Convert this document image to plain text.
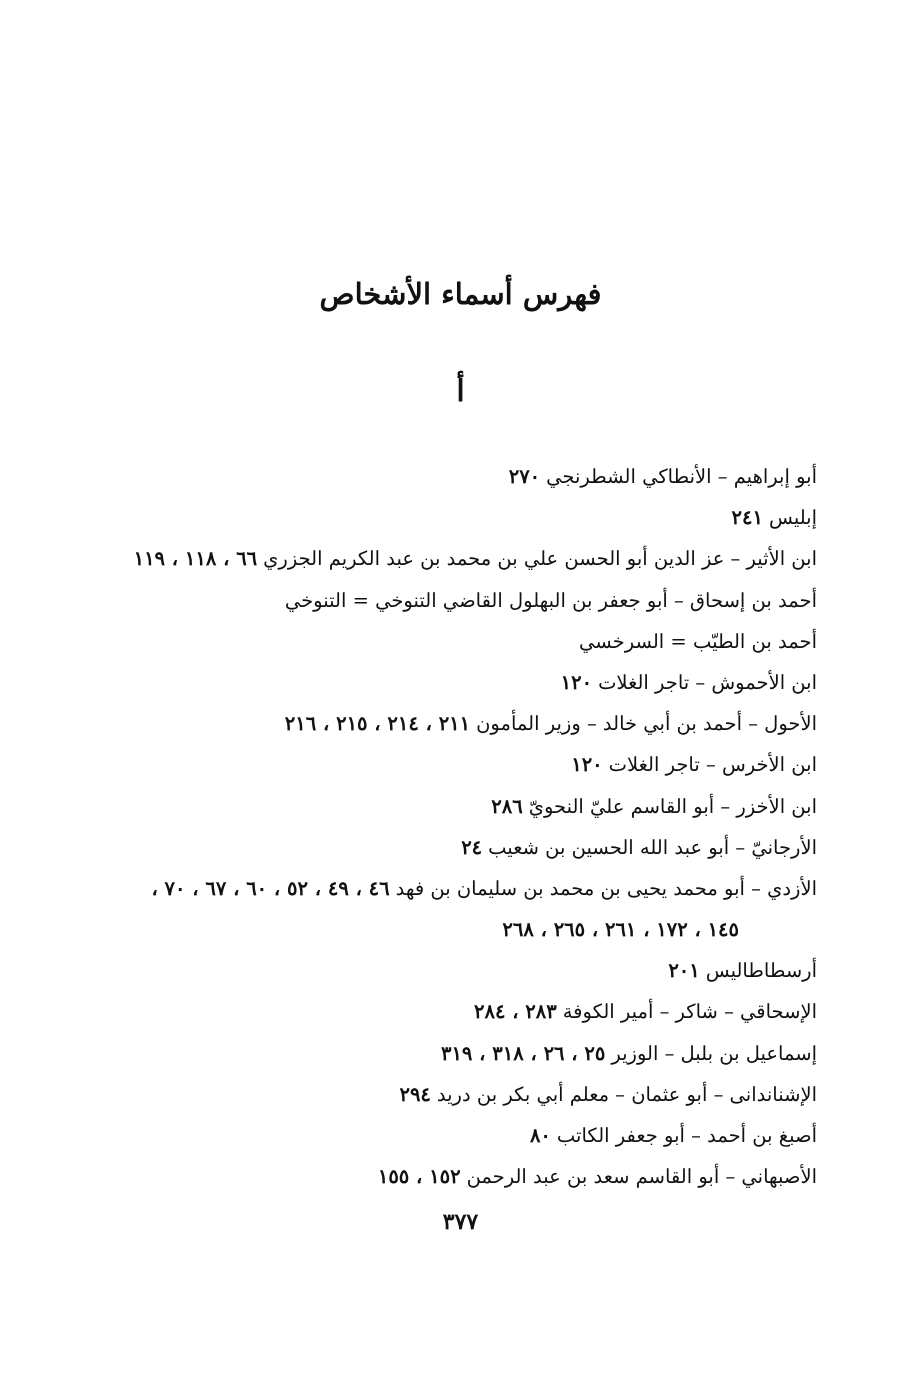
فهرس أسماء الأشخاص
أ
أبو إبراهيم – الأنطاكي الشطرنجي٢٧٠
إبليس٢٤١
ابن الأثير – عز الدين أبو الحسن علي بن محمد بن عبد الكريم الجزري٦٦ ، ١١٨ ، ١١٩
أحمد بن إسحاق – أبو جعفر بن البهلول القاضي التنوخي = التنوخي
أحمد بن الطيّب = السرخسي
ابن الأحموش – تاجر الغلات١٢٠
الأحول – أحمد بن أبي خالد – وزير المأمون٢١١ ، ٢١٤ ، ٢١٥ ، ٢١٦
ابن الأخرس – تاجر الغلات١٢٠
ابن الأخزر – أبو القاسم عليّ النحويّ٢٨٦
الأرجانيّ – أبو عبد الله الحسين بن شعيب٢٤
الأزدي – أبو محمد يحيى بن محمد بن سليمان بن فهد٤٦ ، ٤٩ ، ٥٢ ، ٦٠ ، ٦٧ ، ٧٠ ،
١٤٥ ، ١٧٢ ، ٢٦١ ، ٢٦٥ ، ٢٦٨
أرسطاطاليس٢٠١
الإسحاقي – شاكر – أمير الكوفة٢٨٣ ، ٢٨٤
إسماعيل بن بلبل – الوزير٢٥ ، ٢٦ ، ٣١٨ ، ٣١٩
الإشناندانى – أبو عثمان – معلم أبي بكر بن دريد٢٩٤
أصبغ بن أحمد – أبو جعفر الكاتب٨٠
الأصبهاني – أبو القاسم سعد بن عبد الرحمن١٥٢ ، ١٥٥
٣٧٧
